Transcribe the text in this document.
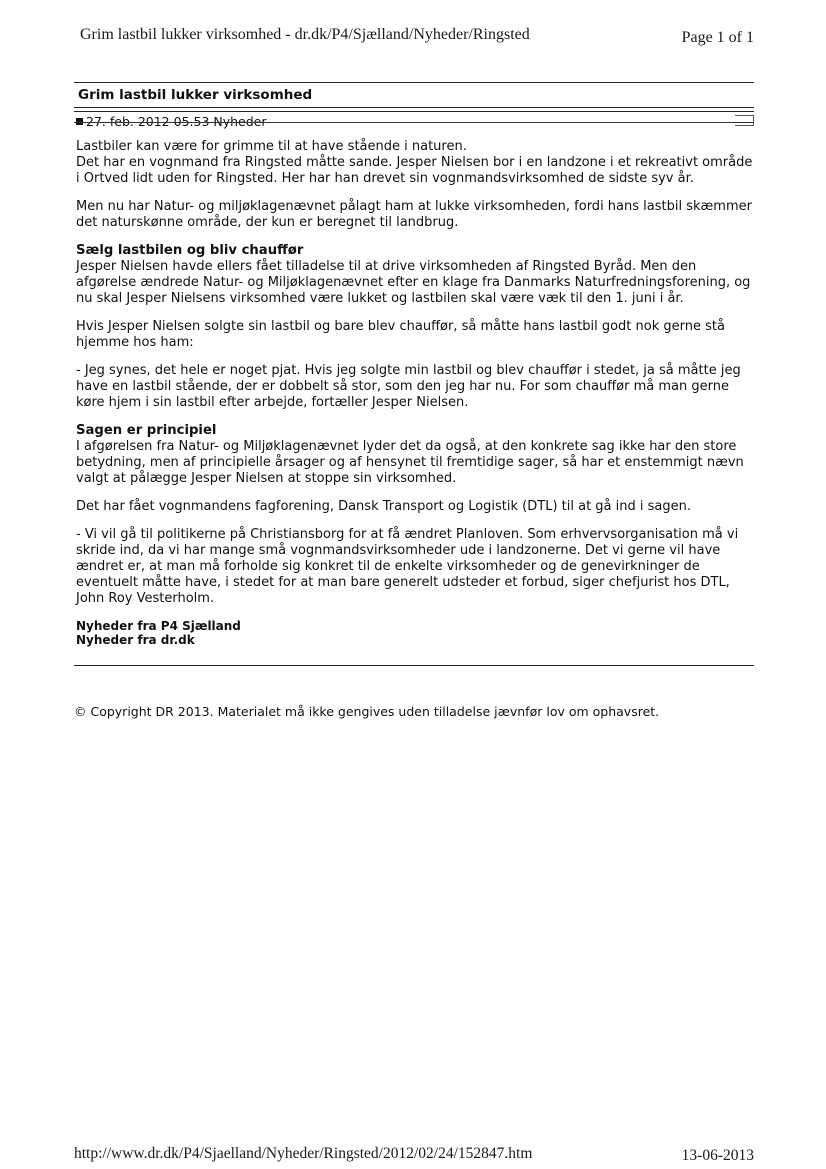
Grim lastbil lukker virksomhed - dr.dk/P4/Sjælland/Nyheder/Ringsted	Page 1 of 1
Grim lastbil lukker virksomhed
27. feb. 2012 05.53 Nyheder

Lastbiler kan være for grimme til at have stående i naturen.
Det har en vognmand fra Ringsted måtte sande. Jesper Nielsen bor i en landzone i et rekreativt område i Ortved lidt uden for Ringsted. Her har han drevet sin vognmandsvirksomhed de sidste syv år.

Men nu har Natur- og miljøklagenævnet pålagt ham at lukke virksomheden, fordi hans lastbil skæmmer det naturskønne område, der kun er beregnet til landbrug.

Sælg lastbilen og bliv chauffør

Jesper Nielsen havde ellers fået tilladelse til at drive virksomheden af Ringsted Byråd. Men den afgørelse ændrede Natur- og Miljøklagenævnet efter en klage fra Danmarks Naturfredningsforening, og nu skal Jesper Nielsens virksomhed være lukket og lastbilen skal være væk til den 1. juni i år.

Hvis Jesper Nielsen solgte sin lastbil og bare blev chauffør, så måtte hans lastbil godt nok gerne stå hjemme hos ham:

- Jeg synes, det hele er noget pjat. Hvis jeg solgte min lastbil og blev chauffør i stedet, ja så måtte jeg have en lastbil stående, der er dobbelt så stor, som den jeg har nu. For som chauffør må man gerne køre hjem i sin lastbil efter arbejde, fortæller Jesper Nielsen.

Sagen er principiel

I afgørelsen fra Natur- og Miljøklagenævnet lyder det da også, at den konkrete sag ikke har den store betydning, men af principielle årsager og af hensynet til fremtidige sager, så har et enstemmigt nævn valgt at pålægge Jesper Nielsen at stoppe sin virksomhed.

Det har fået vognmandens fagforening, Dansk Transport og Logistik (DTL) til at gå ind i sagen.

- Vi vil gå til politikerne på Christiansborg for at få ændret Planloven. Som erhvervsorganisation må vi skride ind, da vi har mange små vognmandsvirksomheder ude i landzonerne. Det vi gerne vil have ændret er, at man må forholde sig konkret til de enkelte virksomheder og de genevirkninger de eventuelt måtte have, i stedet for at man bare generelt udsteder et forbud, siger chefjurist hos DTL, John Roy Vesterholm.

Nyheder fra P4 Sjælland

Nyheder fra dr.dk

© Copyright DR 2013. Materialet må ikke gengives uden tilladelse jævnfør lov om ophavsret.

http://www.dr.dk/P4/Sjaelland/Nyheder/Ringsted/2012/02/24/152847.htm	13-06-2013
